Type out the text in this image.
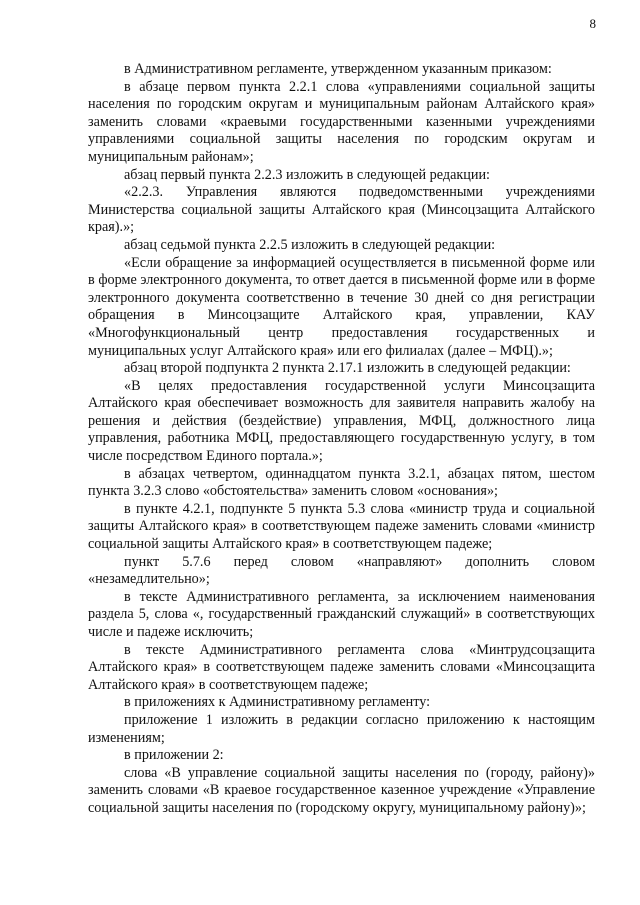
8

в Административном регламенте, утвержденном указанным приказом:

в абзаце первом пункта 2.2.1 слова «управлениями социальной защиты населения по городским округам и муниципальным районам Алтайского края» заменить словами «краевыми государственными казенными учреждениями управлениями социальной защиты населения по городским округам и муниципальным районам»;

абзац первый пункта 2.2.3 изложить в следующей редакции:

«2.2.3. Управления являются подведомственными учреждениями Министерства социальной защиты Алтайского края (Минсоцзащита Алтайского края).»;

абзац седьмой пункта 2.2.5 изложить в следующей редакции:

«Если обращение за информацией осуществляется в письменной форме или в форме электронного документа, то ответ дается в письменной форме или в форме электронного документа соответственно в течение 30 дней со дня регистрации обращения в Минсоцзащите Алтайского края, управлении, КАУ «Многофункциональный центр предоставления государственных и муниципальных услуг Алтайского края» или его филиалах (далее – МФЦ).»;

абзац второй подпункта 2 пункта 2.17.1 изложить в следующей редакции:

«В целях предоставления государственной услуги Минсоцзащита Алтайского края обеспечивает возможность для заявителя направить жалобу на решения и действия (бездействие) управления, МФЦ, должностного лица управления, работника МФЦ, предоставляющего государственную услугу, в том числе посредством Единого портала.»;

в абзацах четвертом, одиннадцатом пункта 3.2.1, абзацах пятом, шестом пункта 3.2.3 слово «обстоятельства» заменить словом «основания»;

в пункте 4.2.1, подпункте 5 пункта 5.3 слова «министр труда и социальной защиты Алтайского края» в соответствующем падеже заменить словами «министр социальной защиты Алтайского края» в соответствующем падеже;

пункт 5.7.6 перед словом «направляют» дополнить словом «незамедлительно»;

в тексте Административного регламента, за исключением наименования раздела 5, слова «, государственный гражданский служащий» в соответствующих числе и падеже исключить;

в тексте Административного регламента слова «Минтрудсоцзащита Алтайского края» в соответствующем падеже заменить словами «Минсоцзащита Алтайского края» в соответствующем падеже;

в приложениях к Административному регламенту:

приложение 1 изложить в редакции согласно приложению к настоящим изменениям;

в приложении 2:

слова «В управление социальной защиты населения по (городу, району)» заменить словами «В краевое государственное казенное учреждение «Управление социальной защиты населения по (городскому округу, муниципальному району)»;
